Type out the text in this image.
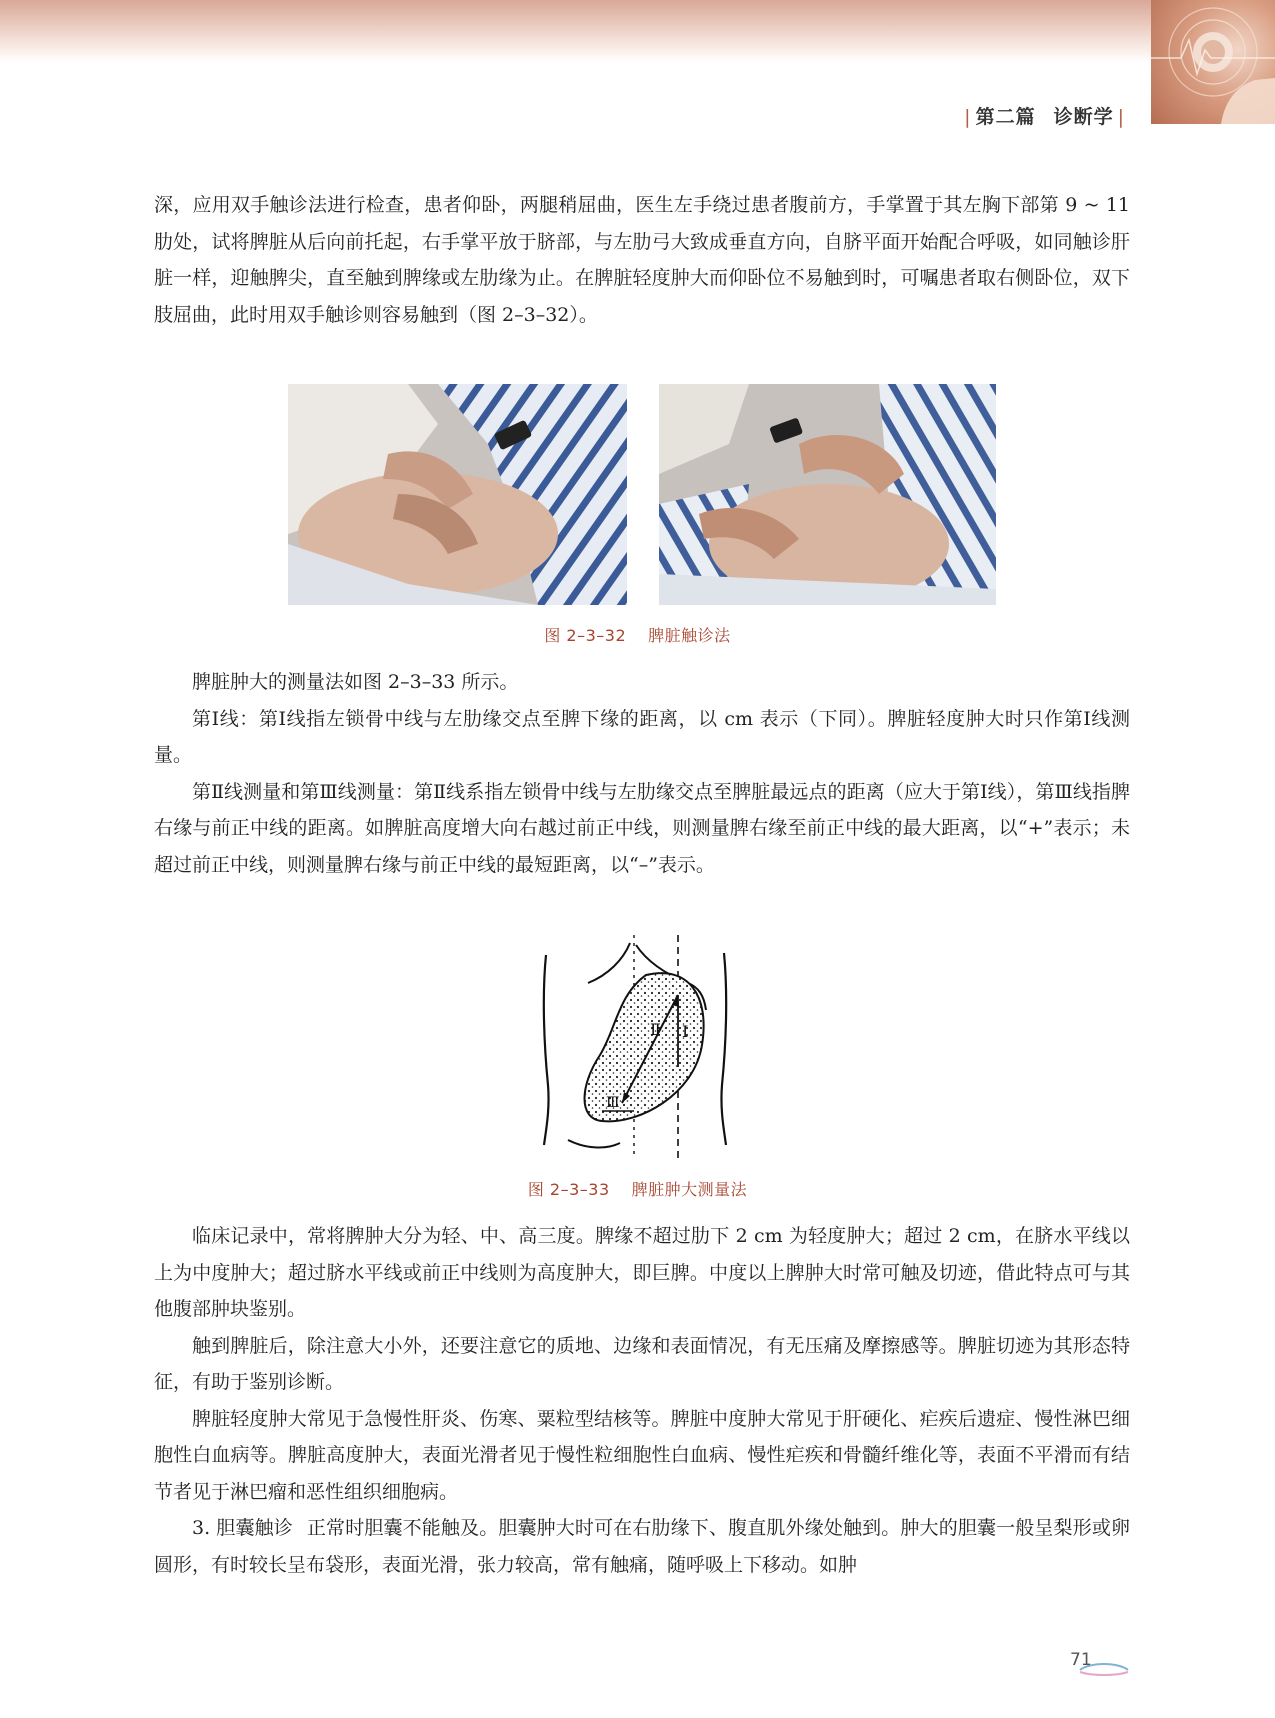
| 第二篇 诊断学 |

深，应用双手触诊法进行检查，患者仰卧，两腿稍屈曲，医生左手绕过患者腹前方，手掌置于其左胸下部第 9 ~ 11 肋处，试将脾脏从后向前托起，右手掌平放于脐部，与左肋弓大致成垂直方向，自脐平面开始配合呼吸，如同触诊肝脏一样，迎触脾尖，直至触到脾缘或左肋缘为止。在脾脏轻度肿大而仰卧位不易触到时，可嘱患者取右侧卧位，双下肢屈曲，此时用双手触诊则容易触到（图 2–3–32）。

图 2–3–32 脾脏触诊法

脾脏肿大的测量法如图 2–3–33 所示。

第Ⅰ线：第Ⅰ线指左锁骨中线与左肋缘交点至脾下缘的距离，以 cm 表示（下同）。脾脏轻度肿大时只作第Ⅰ线测量。

第Ⅱ线测量和第Ⅲ线测量：第Ⅱ线系指左锁骨中线与左肋缘交点至脾脏最远点的距离（应大于第Ⅰ线），第Ⅲ线指脾右缘与前正中线的距离。如脾脏高度增大向右越过前正中线，则测量脾右缘至前正中线的最大距离，以“+”表示；未超过前正中线，则测量脾右缘与前正中线的最短距离，以“–”表示。

Ⅰ
Ⅱ
Ⅲ
图 2–3–33 脾脏肿大测量法

临床记录中，常将脾肿大分为轻、中、高三度。脾缘不超过肋下 2 cm 为轻度肿大；超过 2 cm，在脐水平线以上为中度肿大；超过脐水平线或前正中线则为高度肿大，即巨脾。中度以上脾肿大时常可触及切迹，借此特点可与其他腹部肿块鉴别。

触到脾脏后，除注意大小外，还要注意它的质地、边缘和表面情况，有无压痛及摩擦感等。脾脏切迹为其形态特征，有助于鉴别诊断。

脾脏轻度肿大常见于急慢性肝炎、伤寒、粟粒型结核等。脾脏中度肿大常见于肝硬化、疟疾后遗症、慢性淋巴细胞性白血病等。脾脏高度肿大，表面光滑者见于慢性粒细胞性白血病、慢性疟疾和骨髓纤维化等，表面不平滑而有结节者见于淋巴瘤和恶性组织细胞病。

3. 胆囊触诊 正常时胆囊不能触及。胆囊肿大时可在右肋缘下、腹直肌外缘处触到。肿大的胆囊一般呈梨形或卵圆形，有时较长呈布袋形，表面光滑，张力较高，常有触痛，随呼吸上下移动。如肿

71
